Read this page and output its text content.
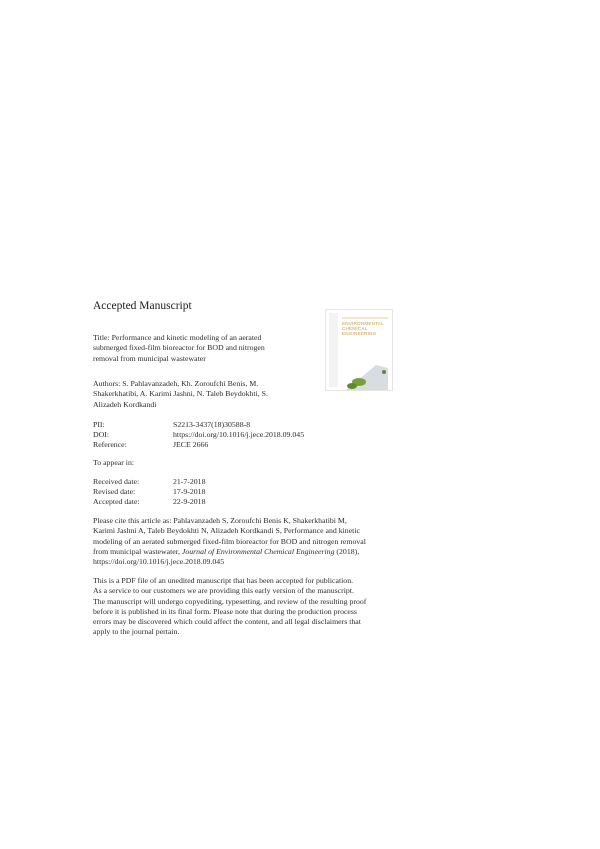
Accepted Manuscript
ENVIRONMENTAL
CHEMICAL
ENGINEERING
Title: Performance and kinetic modeling of an aerated
submerged fixed-film bioreactor for BOD and nitrogen
removal from municipal wastewater
Authors: S. Pahlavanzadeh, Kh. Zoroufchi Benis, M.
Shakerkhatibi, A. Karimi Jashni, N. Taleb Beydokhti, S.
Alizadeh Kordkandi
PII:	S2213-3437(18)30588-8
DOI:	https://doi.org/10.1016/j.jece.2018.09.045
Reference:	JECE 2666
To appear in:
Received date:	21-7-2018
Revised date:	17-9-2018
Accepted date:	22-9-2018
Please cite this article as: Pahlavanzadeh S, Zoroufchi Benis K, Shakerkhatibi M,
Karimi Jashni A, Taleb Beydokhti N, Alizadeh Kordkandi S, Performance and kinetic
modeling of an aerated submerged fixed-film bioreactor for BOD and nitrogen removal
from municipal wastewater, Journal of Environmental Chemical Engineering (2018),
https://doi.org/10.1016/j.jece.2018.09.045
This is a PDF file of an unedited manuscript that has been accepted for publication.
As a service to our customers we are providing this early version of the manuscript.
The manuscript will undergo copyediting, typesetting, and review of the resulting proof
before it is published in its final form. Please note that during the production process
errors may be discovered which could affect the content, and all legal disclaimers that
apply to the journal pertain.
